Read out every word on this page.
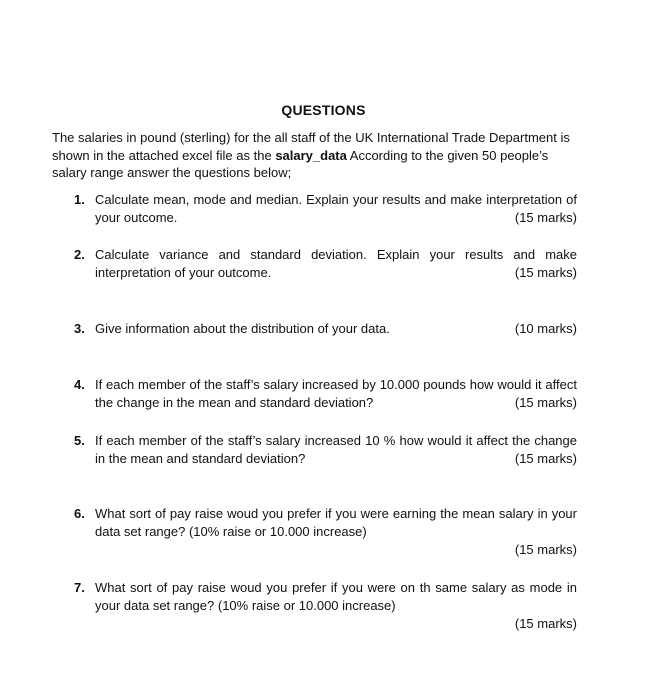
QUESTIONS
The salaries in pound (sterling) for the all staff of the UK International Trade Department is shown in the attached excel file as the salary_data According to the given 50 people’s salary range answer the questions below;
1. Calculate mean, mode and median. Explain your results and make interpretation of your outcome.	(15 marks)
2. Calculate variance and standard deviation. Explain your results and make interpretation of your outcome.	(15 marks)
3. Give information about the distribution of your data.	(10 marks)
4. If each member of the staff’s salary increased by 10.000 pounds how would it affect the change in the mean and standard deviation?	(15 marks)
5. If each member of the staff’s salary increased 10 % how would it affect the change in the mean and standard deviation?	(15 marks)
6. What sort of pay raise woud you prefer if you were earning the mean salary in your data set range? (10% raise or 10.000 increase)
(15 marks)
7. What sort of pay raise woud you prefer if you were on th same salary as mode in your data set range? (10% raise or 10.000 increase)
(15 marks)
